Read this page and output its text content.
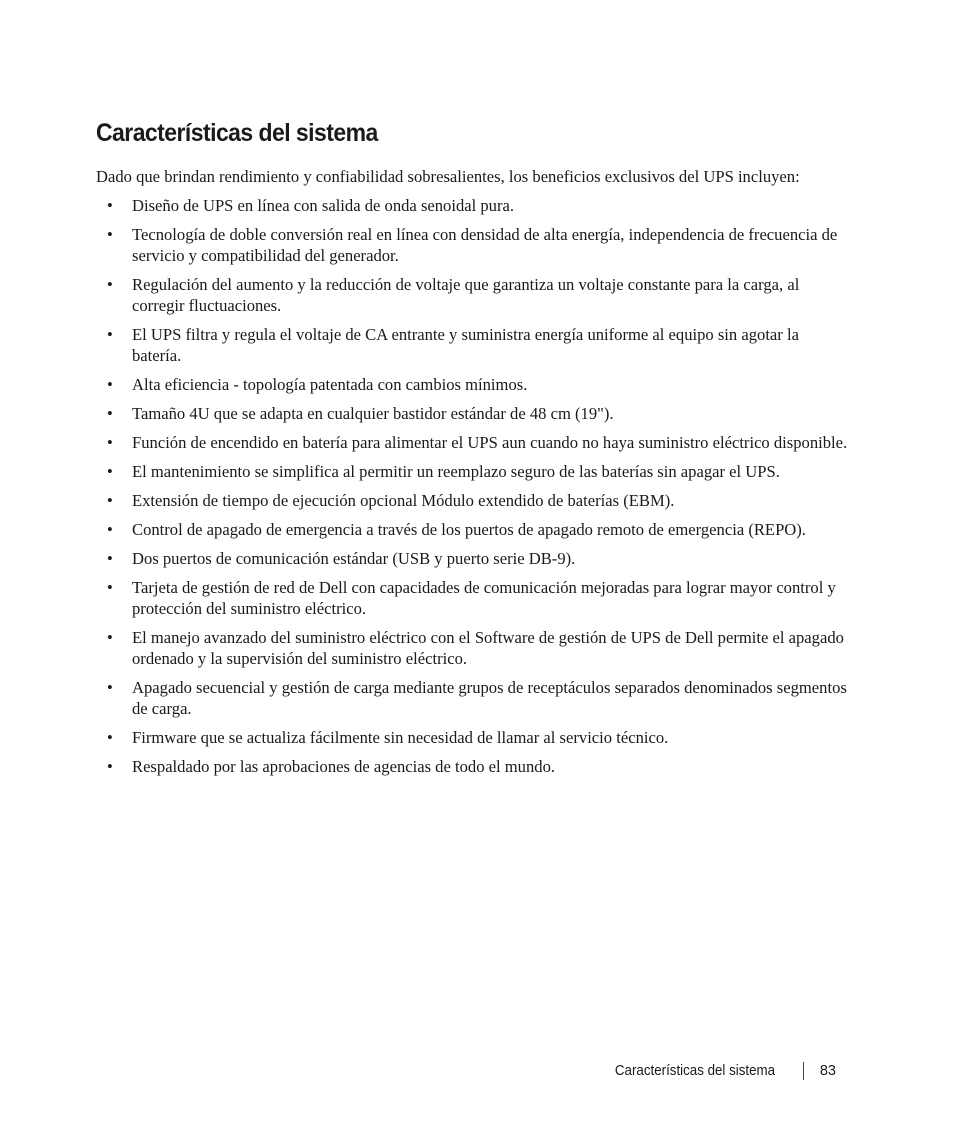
Características del sistema

Dado que brindan rendimiento y confiabilidad sobresalientes, los beneficios exclusivos del UPS incluyen:

• Diseño de UPS en línea con salida de onda senoidal pura.
• Tecnología de doble conversión real en línea con densidad de alta energía, independencia de frecuencia de servicio y compatibilidad del generador.
• Regulación del aumento y la reducción de voltaje que garantiza un voltaje constante para la carga, al corregir fluctuaciones.
• El UPS filtra y regula el voltaje de CA entrante y suministra energía uniforme al equipo sin agotar la batería.
• Alta eficiencia - topología patentada con cambios mínimos.
• Tamaño 4U que se adapta en cualquier bastidor estándar de 48 cm (19").
• Función de encendido en batería para alimentar el UPS aun cuando no haya suministro eléctrico disponible.
• El mantenimiento se simplifica al permitir un reemplazo seguro de las baterías sin apagar el UPS.
• Extensión de tiempo de ejecución opcional Módulo extendido de baterías (EBM).
• Control de apagado de emergencia a través de los puertos de apagado remoto de emergencia (REPO).
• Dos puertos de comunicación estándar (USB y puerto serie DB-9).
• Tarjeta de gestión de red de Dell con capacidades de comunicación mejoradas para lograr mayor control y protección del suministro eléctrico.
• El manejo avanzado del suministro eléctrico con el Software de gestión de UPS de Dell permite el apagado ordenado y la supervisión del suministro eléctrico.
• Apagado secuencial y gestión de carga mediante grupos de receptáculos separados denominados segmentos de carga.
• Firmware que se actualiza fácilmente sin necesidad de llamar al servicio técnico.
• Respaldado por las aprobaciones de agencias de todo el mundo.
Características del sistema	83
